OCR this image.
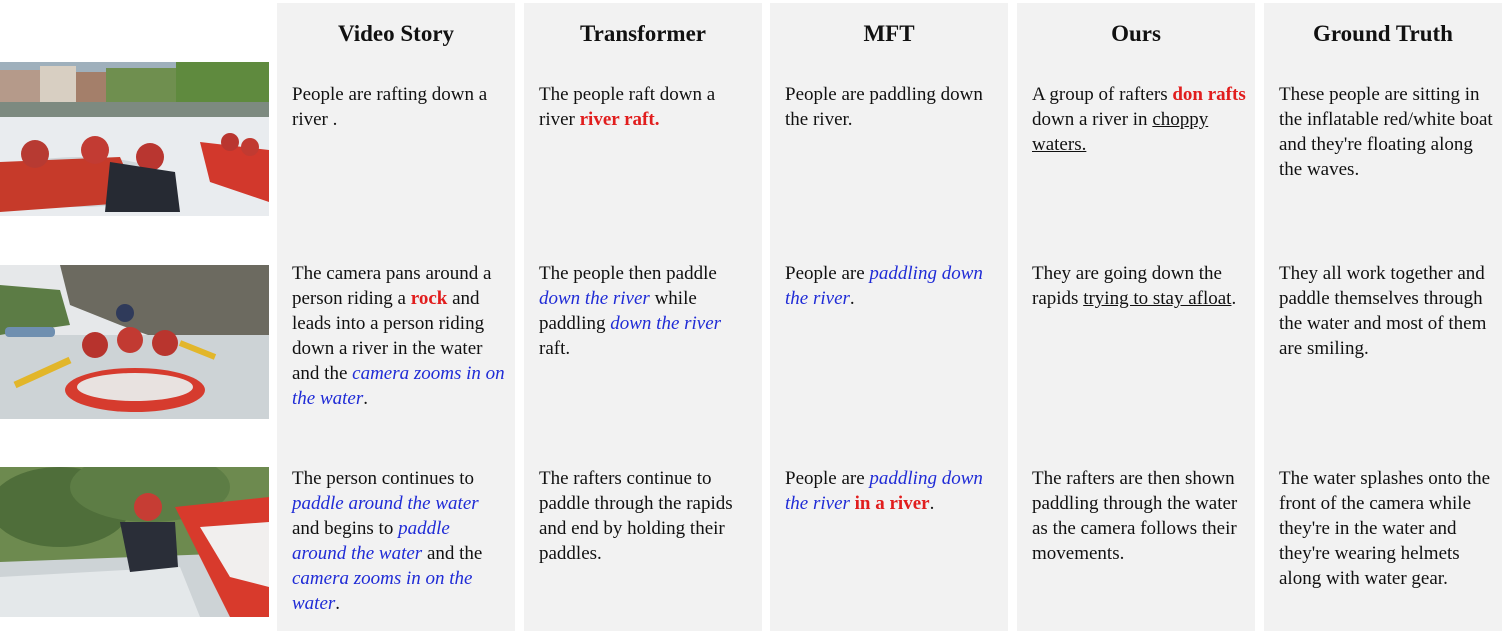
Video Story
People are rafting down a river .
The camera pans around a person riding a rock and leads into a person riding down a river in the water and the camera zooms in on the water.
The person continues to paddle around the water and begins to paddle around the water and the camera zooms in on the water.
Transformer
The people raft down a river river raft.
The people then paddle down the river while paddling down the river raft.
The rafters continue to paddle through the rapids and end by holding their paddles.
MFT
People are paddling down the river.
People are paddling down the river.
People are paddling down the river in a river.
Ours
A group of rafters don rafts down a river in choppy waters.
They are going down the rapids trying to stay afloat.
The rafters are then shown paddling through the water as the camera follows their movements.
Ground Truth
These people are sitting in the inflatable red/white boat and they're floating along the waves.
They all work together and paddle themselves through the water and most of them are smiling.
The water splashes onto the front of the camera while they're in the water and they're wearing helmets along with water gear.
